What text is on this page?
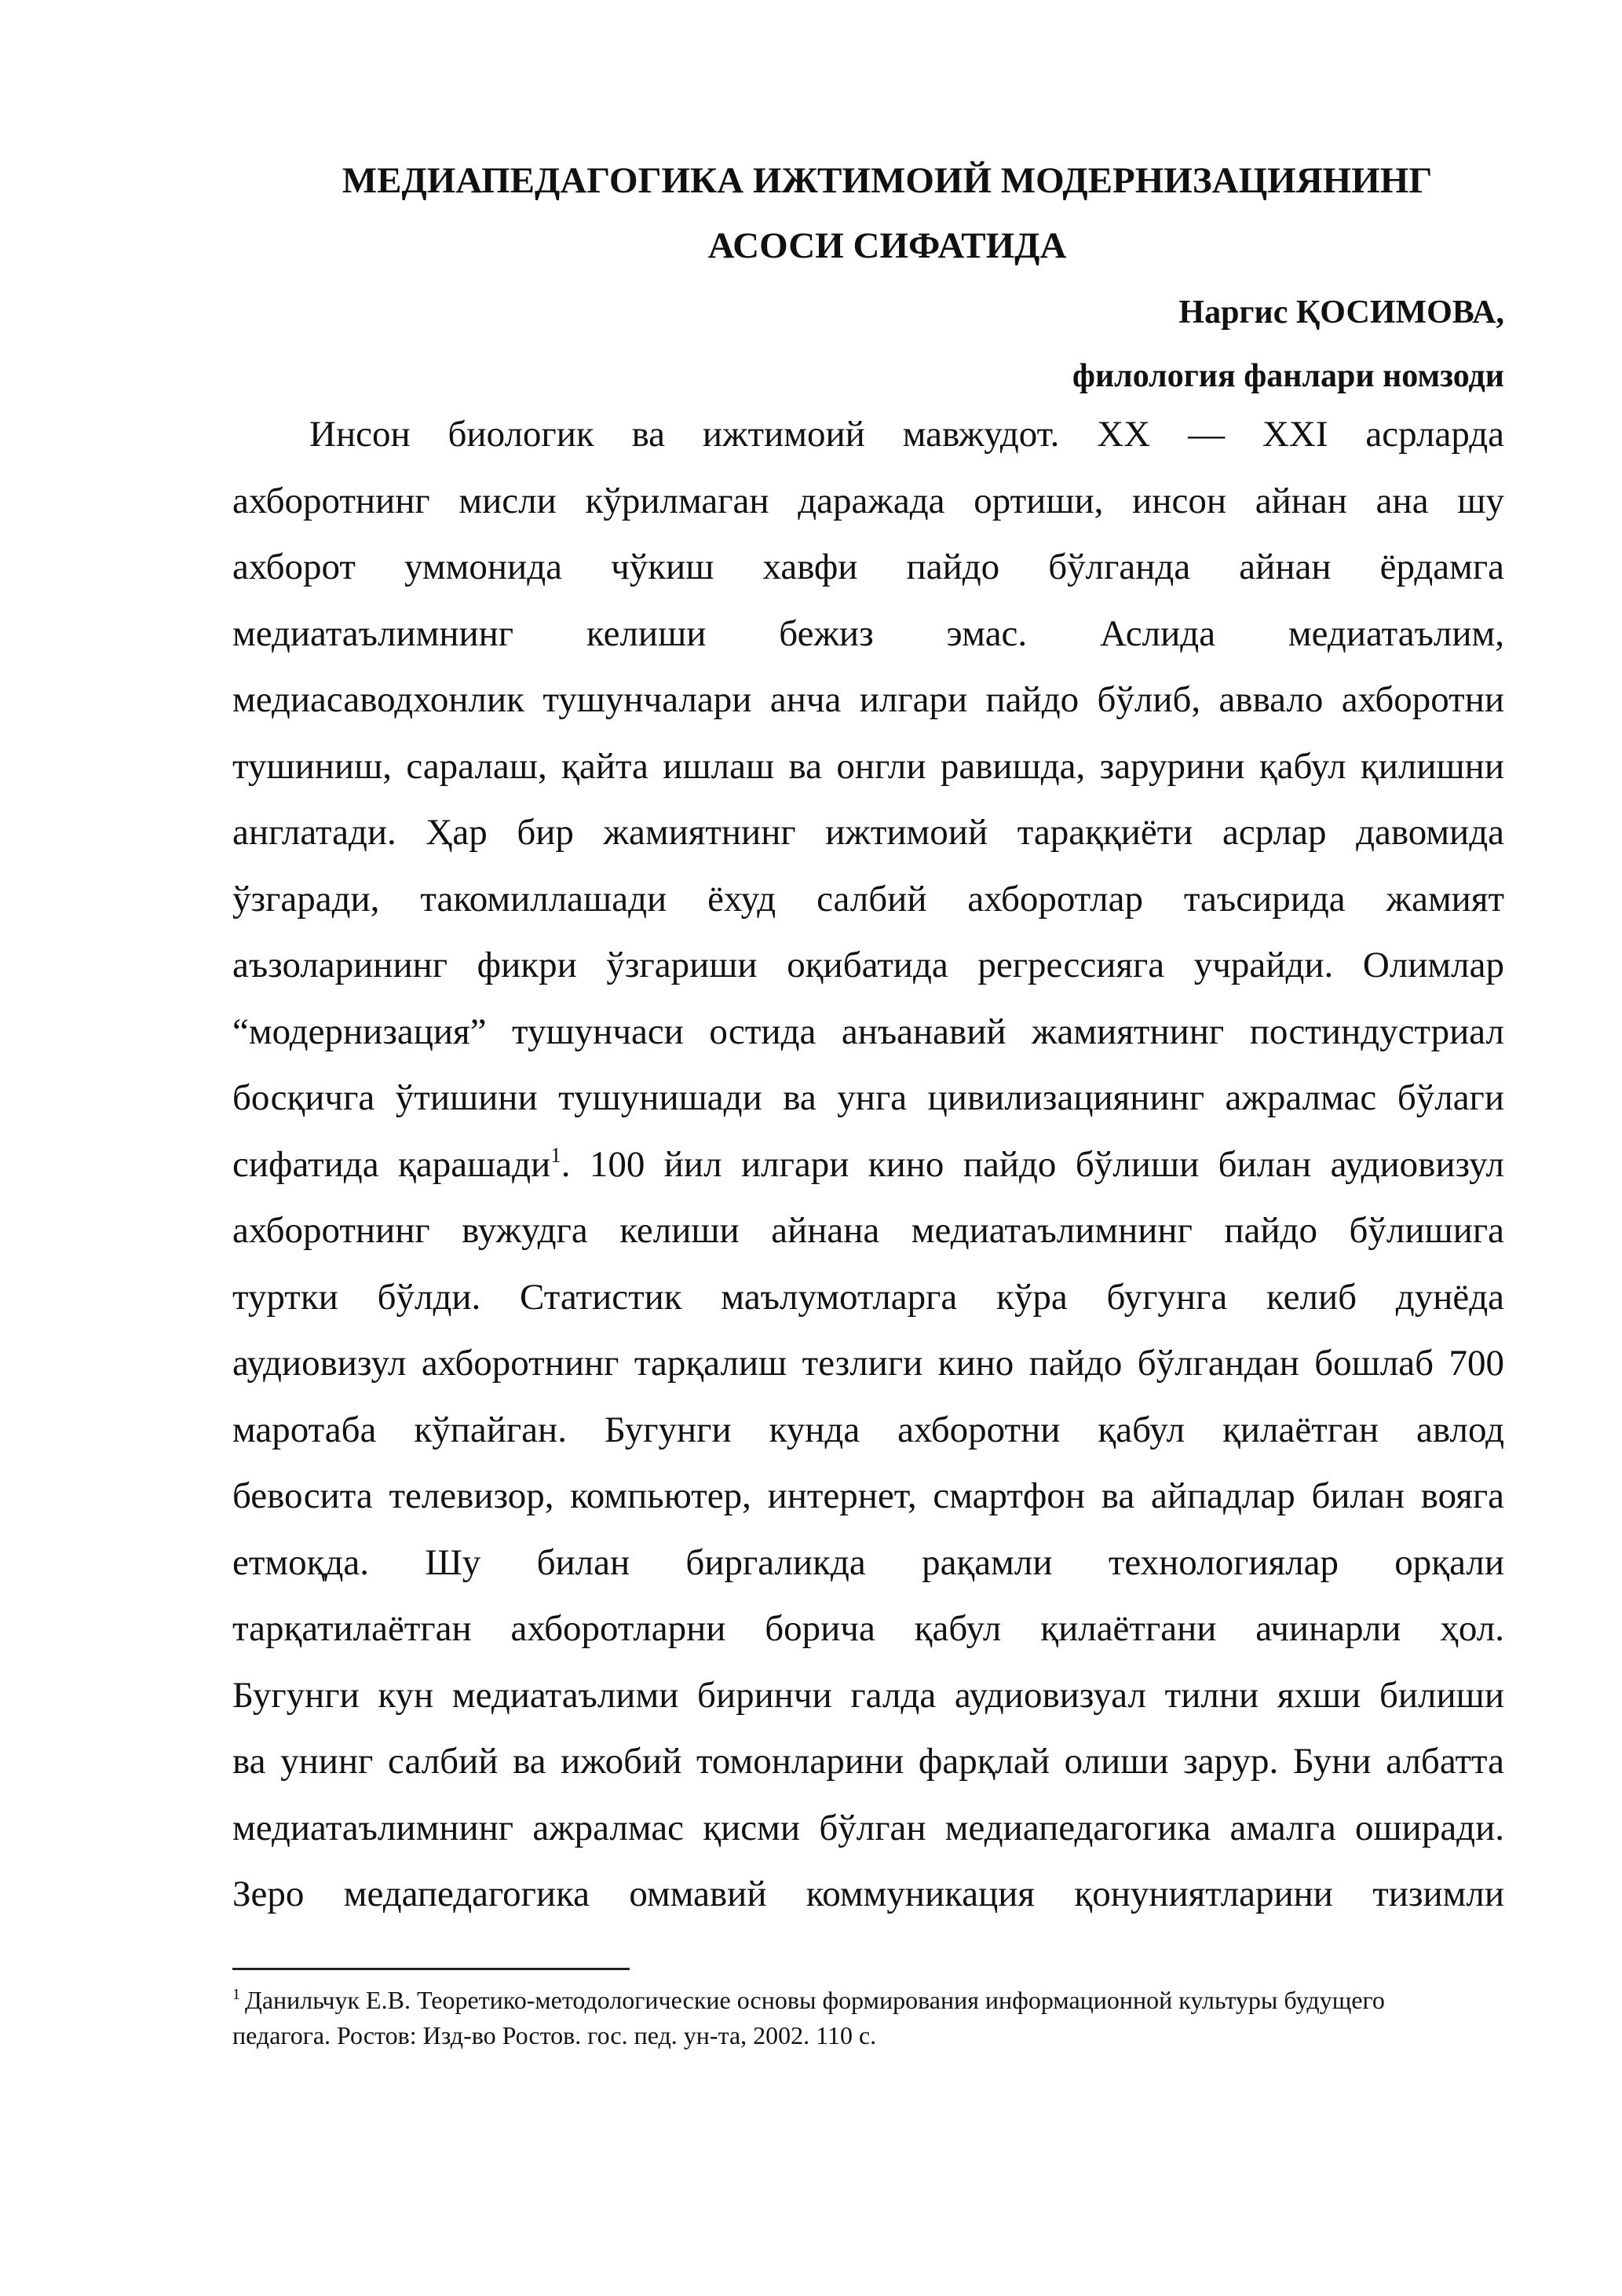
МЕДИАПЕДАГОГИКА ИЖТИМОИЙ МОДЕРНИЗАЦИЯНИНГ
АСОСИ СИФАТИДА
Наргис ҚОСИМОВА,
филология фанлари номзоди
Инсон биологик ва ижтимоий мавжудот. XX — XXI асрларда
ахборотнинг мисли кўрилмаган даражада ортиши, инсон айнан ана шу
ахборот уммонида чўкиш хавфи пайдо бўлганда айнан ёрдамга
медиатаълимнинг келиши бежиз эмас. Аслида медиатаълим,
медиасаводхонлик тушунчалари анча илгари пайдо бўлиб, аввало ахборотни
тушиниш, саралаш, қайта ишлаш ва онгли равишда, зарурини қабул қилишни
англатади. Ҳар бир жамиятнинг ижтимоий тараққиёти асрлар давомида
ўзгаради, такомиллашади ёхуд салбий ахборотлар таъсирида жамият
аъзоларининг фикри ўзгариши оқибатида регрессияга учрайди. Олимлар
“модернизация” тушунчаси остида анъанавий жамиятнинг постиндустриал
босқичга ўтишини тушунишади ва унга цивилизациянинг ажралмас бўлаги
сифатида қарашади$^1$. 100 йил илгари кино пайдо бўлиши билан аудиовизул
ахборотнинг вужудга келиши айнана медиатаълимнинг пайдо бўлишига
туртки бўлди. Статистик маълумотларга кўра бугунга келиб дунёда
аудиовизул ахборотнинг тарқалиш тезлиги кино пайдо бўлгандан бошлаб 700
маротаба кўпайган. Бугунги кунда ахборотни қабул қилаётган авлод
бевосита телевизор, компьютер, интернет, смартфон ва айпадлар билан вояга
етмоқда. Шу билан биргаликда рақамли технологиялар орқали
тарқатилаётган ахборотларни борича қабул қилаётгани ачинарли ҳол.
Бугунги кун медиатаълими биринчи галда аудиовизуал тилни яхши билиши
ва унинг салбий ва ижобий томонларини фарқлай олиши зарур. Буни албатта
медиатаълимнинг ажралмас қисми бўлган медиапедагогика амалга оширади.
Зеро медапедагогика оммавий коммуникация қонуниятларини тизимли
$^1$ Данильчук Е.В. Теоретико-методологические основы формирования информационной культуры будущего
педагога. Ростов: Изд-во Ростов. гос. пед. ун-та, 2002. 110 с.
